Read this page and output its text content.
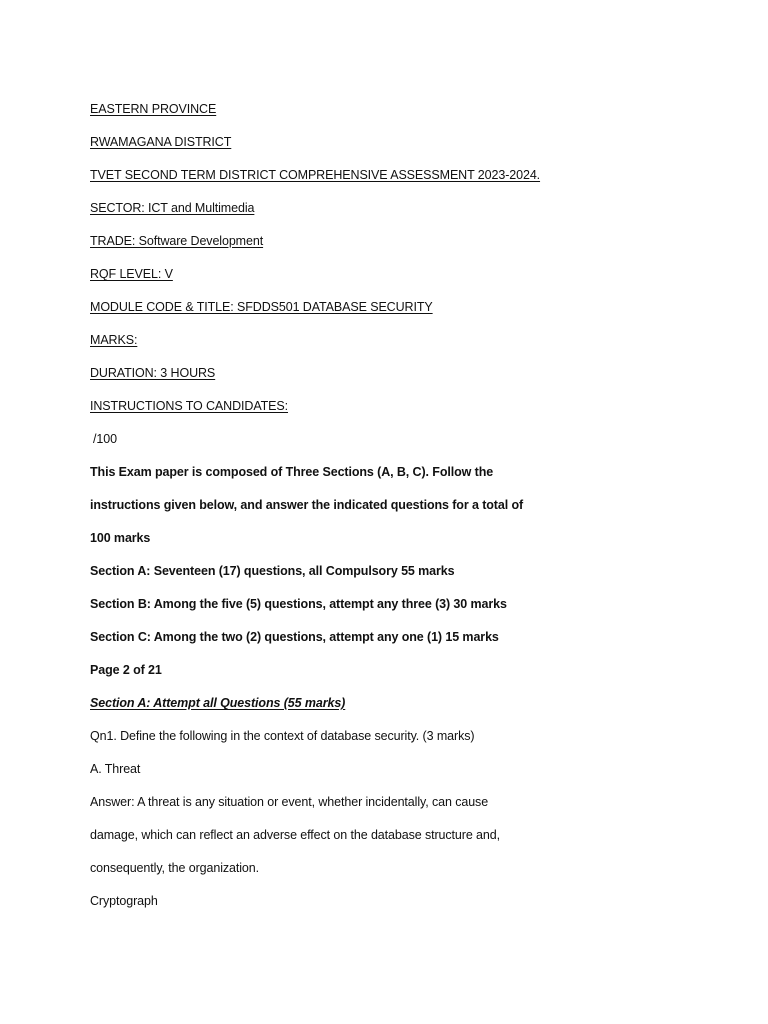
EASTERN PROVINCE
RWAMAGANA DISTRICT
TVET SECOND TERM DISTRICT COMPREHENSIVE ASSESSMENT 2023-2024.
SECTOR: ICT and Multimedia
TRADE: Software Development
RQF LEVEL: V
MODULE CODE & TITLE: SFDDS501 DATABASE SECURITY
MARKS:
DURATION: 3 HOURS
INSTRUCTIONS TO CANDIDATES:
/100
This Exam paper is composed of Three Sections (A, B, C). Follow the
instructions given below, and answer the indicated questions for a total of
100 marks
Section A: Seventeen (17) questions, all Compulsory 55 marks
Section B: Among the five (5) questions, attempt any three (3) 30 marks
Section C: Among the two (2) questions, attempt any one (1) 15 marks
Page 2 of 21
Section A: Attempt all Questions (55 marks)
Qn1. Define the following in the context of database security. (3 marks)
A. Threat
Answer: A threat is any situation or event, whether incidentally, can cause
damage, which can reflect an adverse effect on the database structure and,
consequently, the organization.
Cryptograph
